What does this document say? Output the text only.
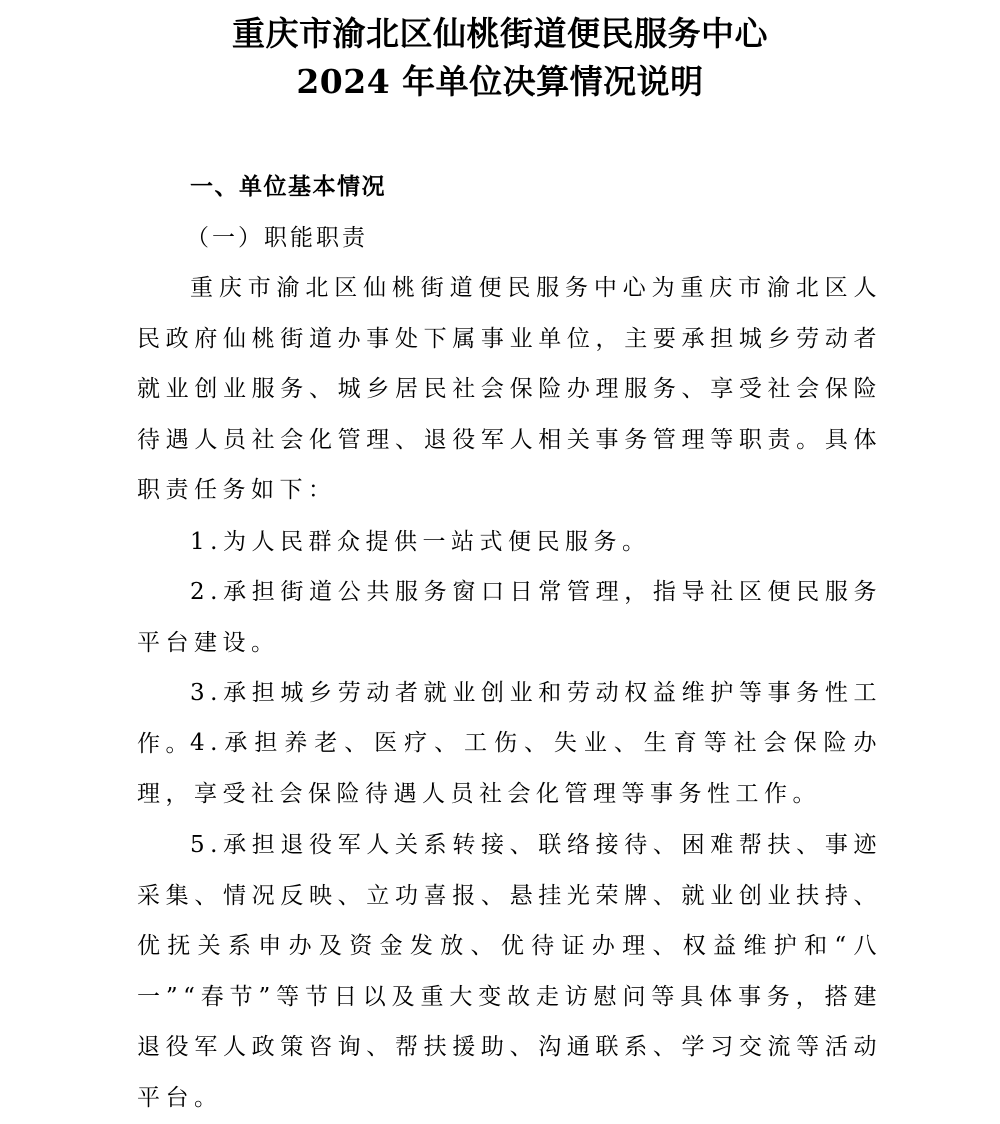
重庆市渝北区仙桃街道便民服务中心
2024 年单位决算情况说明
一、单位基本情况
（一）职能职责

重庆市渝北区仙桃街道便民服务中心为重庆市渝北区人民政府仙桃街道办事处下属事业单位，主要承担城乡劳动者就业创业服务、城乡居民社会保险办理服务、享受社会保险待遇人员社会化管理、退役军人相关事务管理等职责。具体职责任务如下：

1.为人民群众提供一站式便民服务。

2.承担街道公共服务窗口日常管理，指导社区便民服务平台建设。

3.承担城乡劳动者就业创业和劳动权益维护等事务性工作。

4.承担养老、医疗、工伤、失业、生育等社会保险办理，享受社会保险待遇人员社会化管理等事务性工作。

5.承担退役军人关系转接、联络接待、困难帮扶、事迹采集、情况反映、立功喜报、悬挂光荣牌、就业创业扶持、优抚关系申办及资金发放、优待证办理、权益维护和“八一”“春节”等节日以及重大变故走访慰问等具体事务，搭建退役军人政策咨询、帮扶援助、沟通联系、学习交流等活动平台。
